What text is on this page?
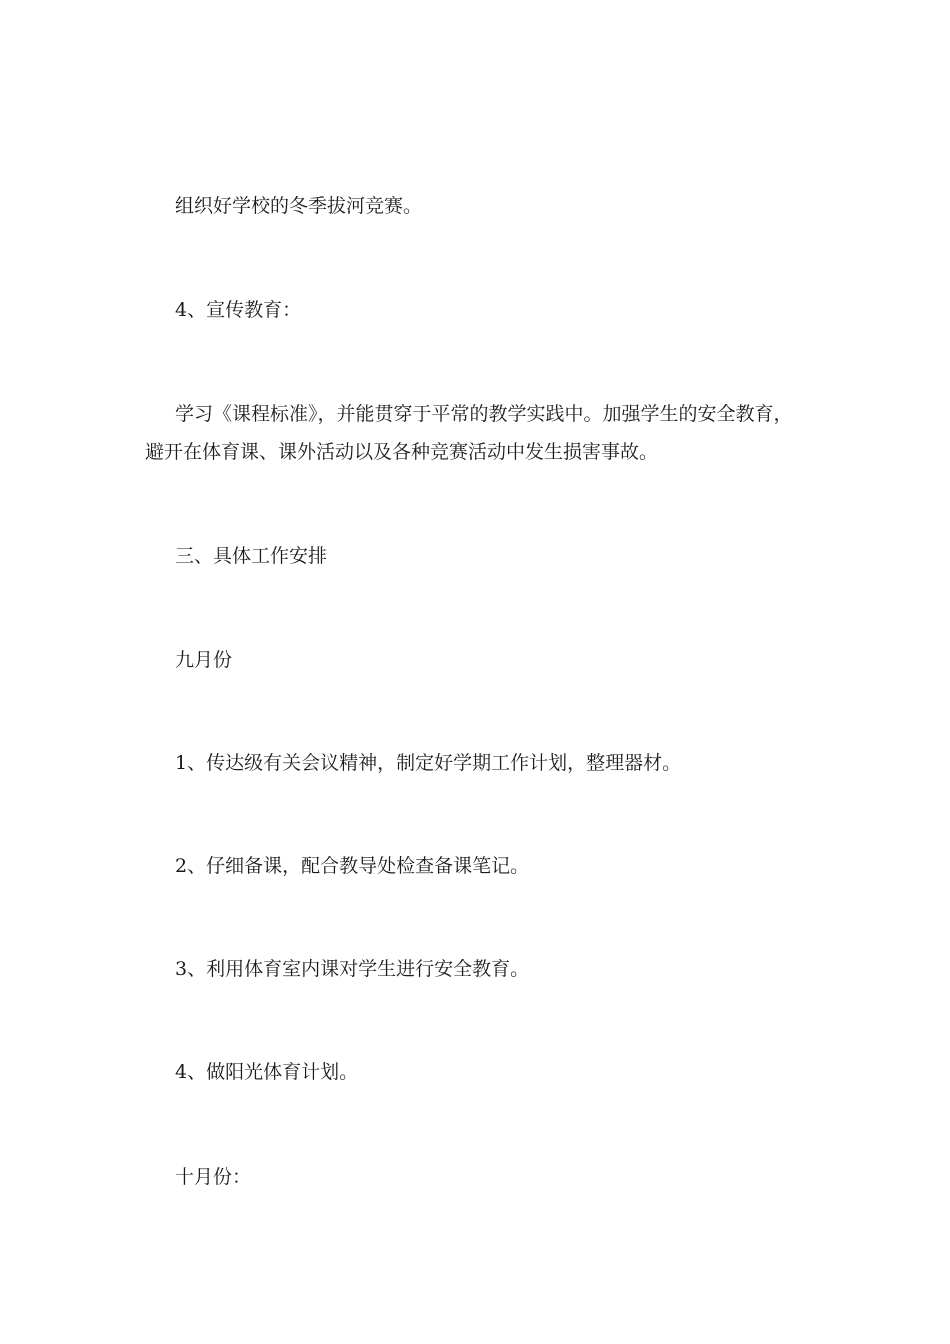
组织好学校的冬季拔河竞赛。

4、宣传教育：

学习《课程标准》，并能贯穿于平常的教学实践中。加强学生的安全教育，避开在体育课、课外活动以及各种竞赛活动中发生损害事故。

三、具体工作安排

九月份

1、传达级有关会议精神，制定好学期工作计划，整理器材。

2、仔细备课，配合教导处检查备课笔记。

3、利用体育室内课对学生进行安全教育。

4、做阳光体育计划。

十月份：
